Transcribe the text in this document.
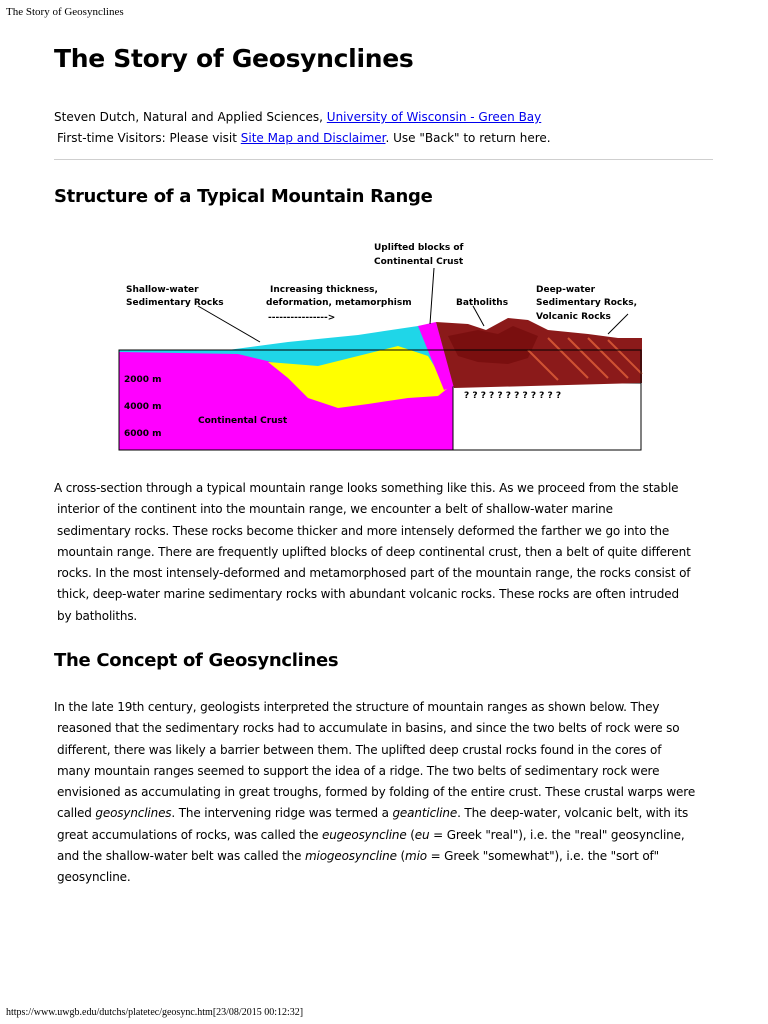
The Story of Geosynclines
The Story of Geosynclines
Steven Dutch, Natural and Applied Sciences, University of Wisconsin - Green Bay
First-time Visitors: Please visit Site Map and Disclaimer. Use "Back" to return here.
Structure of a Typical Mountain Range
Uplifted blocks of
Continental Crust
Shallow-water
Sedimentary Rocks
Increasing thickness,
deformation, metamorphism
---------------->
Batholiths
Deep-water
Sedimentary Rocks,
Volcanic Rocks
2000 m
4000 m
6000 m
Continental Crust
? ? ? ? ? ? ? ? ? ? ? ?
A cross-section through a typical mountain range looks something like this. As we proceed from the stable
interior of the continent into the mountain range, we encounter a belt of shallow-water marine
sedimentary rocks. These rocks become thicker and more intensely deformed the farther we go into the
mountain range. There are frequently uplifted blocks of deep continental crust, then a belt of quite different
rocks. In the most intensely-deformed and metamorphosed part of the mountain range, the rocks consist of
thick, deep-water marine sedimentary rocks with abundant volcanic rocks. These rocks are often intruded
by batholiths.
The Concept of Geosynclines
In the late 19th century, geologists interpreted the structure of mountain ranges as shown below. They
reasoned that the sedimentary rocks had to accumulate in basins, and since the two belts of rock were so
different, there was likely a barrier between them. The uplifted deep crustal rocks found in the cores of
many mountain ranges seemed to support the idea of a ridge. The two belts of sedimentary rock were
envisioned as accumulating in great troughs, formed by folding of the entire crust. These crustal warps were
called geosynclines. The intervening ridge was termed a geanticline. The deep-water, volcanic belt, with its
great accumulations of rocks, was called the eugeosyncline (eu = Greek "real"), i.e. the "real" geosyncline,
and the shallow-water belt was called the miogeosyncline (mio = Greek "somewhat"), i.e. the "sort of"
geosyncline.
https://www.uwgb.edu/dutchs/platetec/geosync.htm[23/08/2015 00:12:32]
